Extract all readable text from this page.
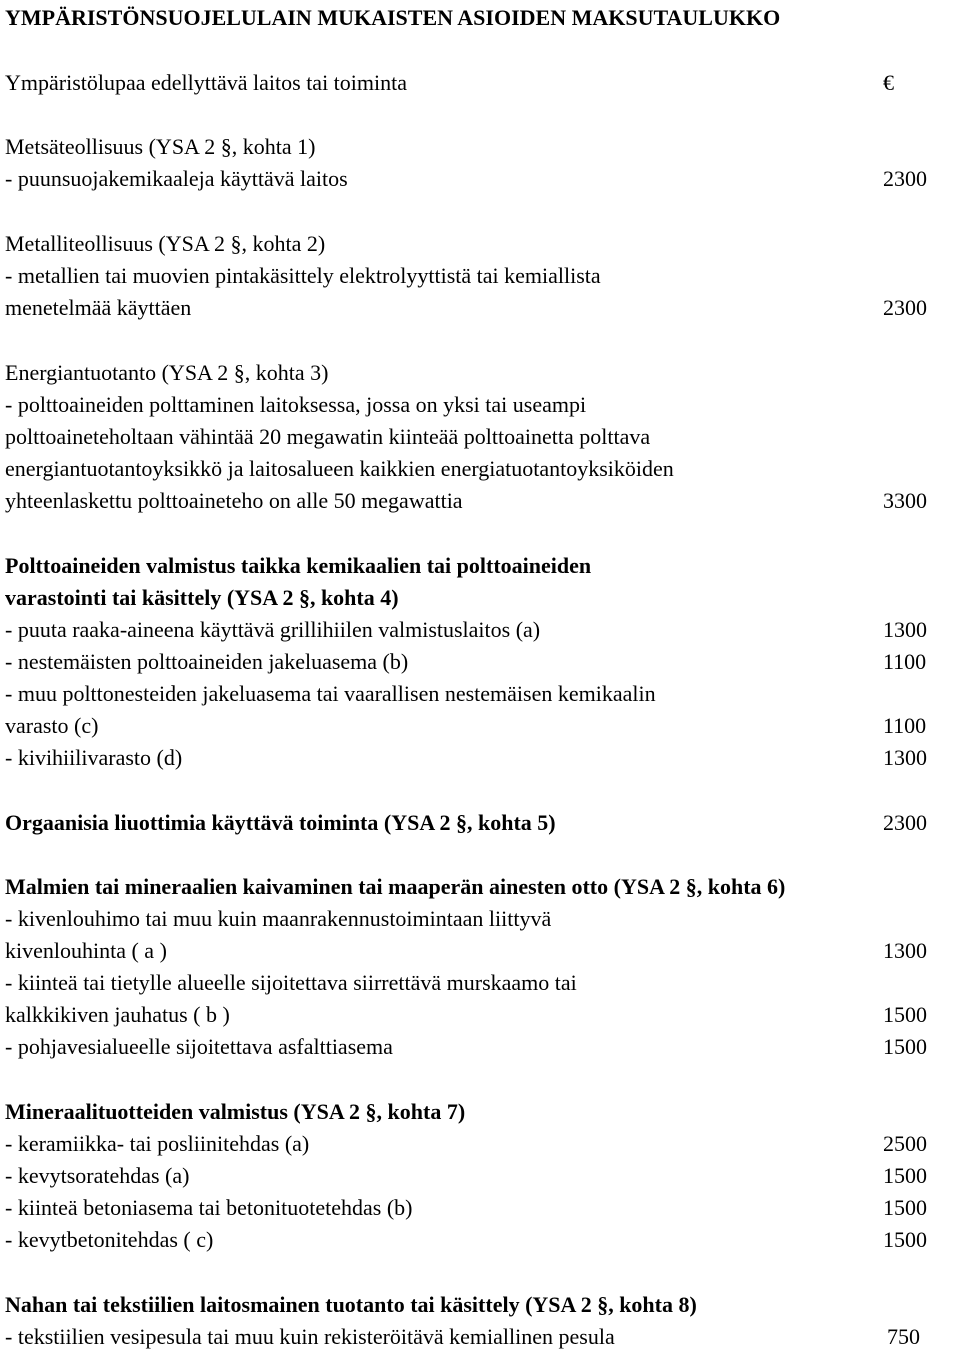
YMPÄRISTÖNSUOJELULAIN MUKAISTEN ASIOIDEN MAKSUTAULUKKO
Ympäristölupaa edellyttävä laitos tai toiminta	€
Metsäteollisuus (YSA 2 §, kohta 1)
- puunsuojakemikaaleja käyttävä laitos	2300
Metalliteollisuus (YSA 2 §, kohta 2)
- metallien tai muovien pintakäsittely elektrolyyttistä tai kemiallista
menetelmää käyttäen	2300
Energiantuotanto (YSA 2 §, kohta 3)
- polttoaineiden polttaminen laitoksessa, jossa on yksi tai useampi
polttoaineteholtaan vähintää 20 megawatin kiinteää polttoainetta polttava
energiantuotantoyksikkö ja laitosalueen kaikkien energiatuotantoyksiköiden
yhteenlaskettu polttoaineteho on alle 50 megawattia	3300
Polttoaineiden valmistus taikka kemikaalien tai polttoaineiden
varastointi tai käsittely (YSA 2 §, kohta 4)
- puuta raaka-aineena käyttävä grillihiilen valmistuslaitos (a)	1300
- nestemäisten polttoaineiden jakeluasema (b)	1100
- muu polttonesteiden jakeluasema tai vaarallisen nestemäisen kemikaalin
varasto (c)	1100
- kivihiilivarasto (d)	1300
Orgaanisia liuottimia käyttävä toiminta (YSA 2 §, kohta 5)	2300
Malmien tai mineraalien kaivaminen tai maaperän ainesten otto (YSA 2 §, kohta 6)
- kivenlouhimo tai muu kuin maanrakennustoimintaan liittyvä
kivenlouhinta ( a )	1300
- kiinteä tai tietylle alueelle sijoitettava siirrettävä murskaamo tai
kalkkikiven jauhatus ( b )	1500
- pohjavesialueelle sijoitettava asfalttiasema	1500
Mineraalituotteiden valmistus (YSA 2 §, kohta 7)
- keramiikka- tai posliinitehdas (a)	2500
- kevytsoratehdas (a)	1500
- kiinteä betoniasema tai betonituotetehdas (b)	1500
- kevytbetonitehdas ( c)	1500
Nahan tai tekstiilien laitosmainen tuotanto tai käsittely (YSA 2 §, kohta 8)
- tekstiilien vesipesula tai muu kuin rekisteröitävä kemiallinen pesula	750
